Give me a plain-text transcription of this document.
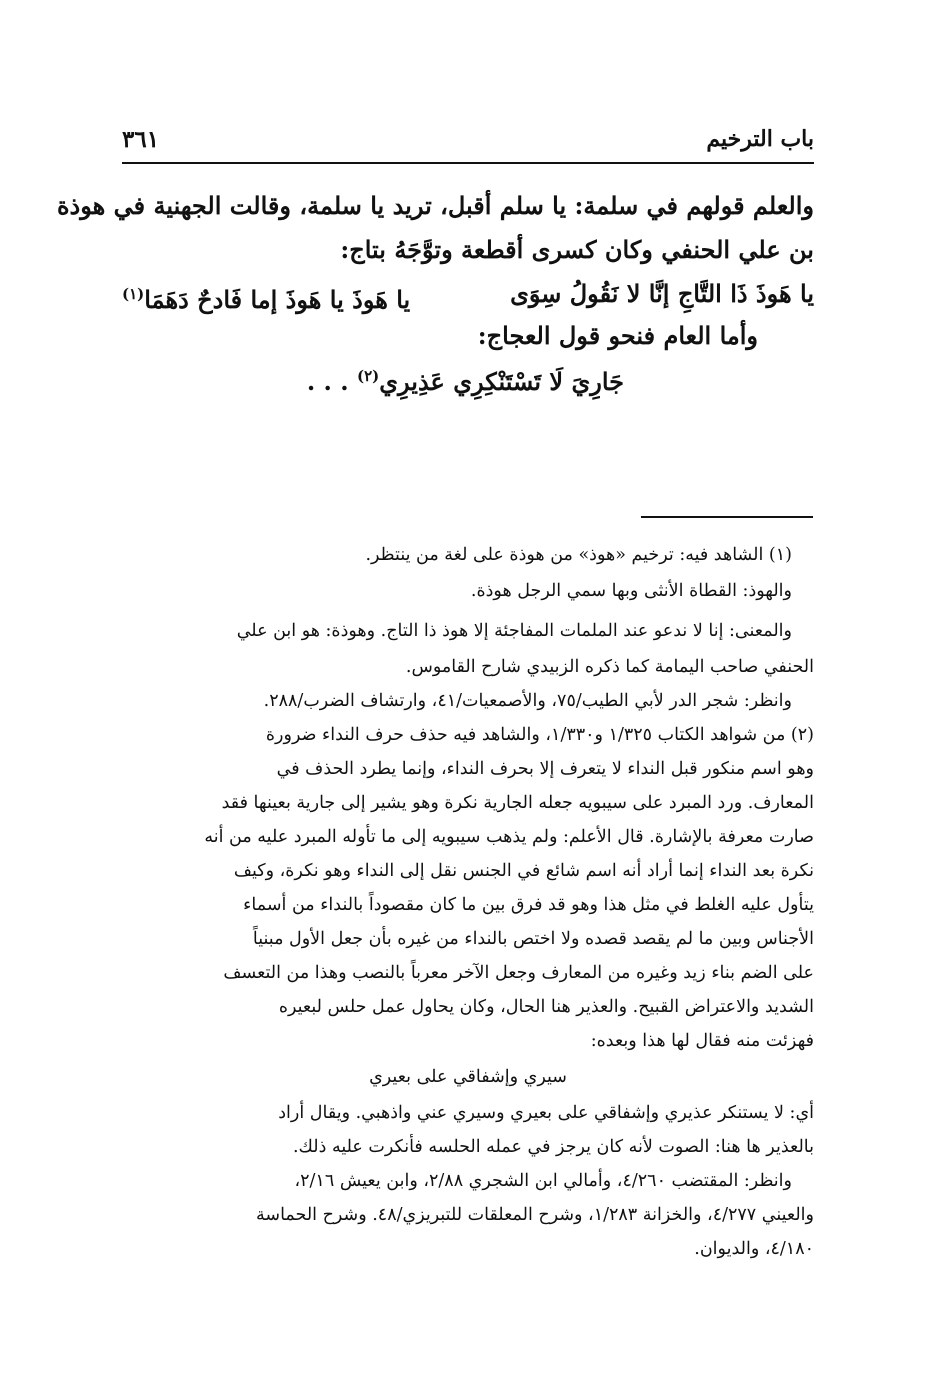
باب الترخيم
٣٦١
والعلم قولهم في سلمة: يا سلم أقبل، تريد يا سلمة، وقالت الجهنية في هوذة
بن علي الحنفي وكان كسرى أقطعة وتوَّجَهُ بتاج:
يا هَوذَ ذَا التَّاجِ إنَّا لا نَقُولُ سِوَى
يا هَوذَ يا هَوذَ إما فَادحٌ دَهَمَا$^{(١)}$
وأما العام فنحو قول العجاج:
جَارِيَ لَا تَسْتَنْكِرِي عَذِيرِي$^{(٢)}$ . . .
(١) الشاهد فيه: ترخيم «هوذ» من هوذة على لغة من ينتظر.
والهوذ: القطاة الأنثى وبها سمي الرجل هوذة.
والمعنى: إنا لا ندعو عند الملمات المفاجئة إلا هوذ ذا التاج. وهوذة: هو ابن علي
الحنفي صاحب اليمامة كما ذكره الزبيدي شارح القاموس.
وانظر: شجر الدر لأبي الطيب/٧٥، والأصمعيات/٤١، وارتشاف الضرب/٢٨٨.
(٢) من شواهد الكتاب ١/٣٢٥ و١/٣٣٠، والشاهد فيه حذف حرف النداء ضرورة
وهو اسم منكور قبل النداء لا يتعرف إلا بحرف النداء، وإنما يطرد الحذف في
المعارف. ورد المبرد على سيبويه جعله الجارية نكرة وهو يشير إلى جارية بعينها فقد
صارت معرفة بالإشارة. قال الأعلم: ولم يذهب سيبويه إلى ما تأوله المبرد عليه من أنه
نكرة بعد النداء إنما أراد أنه اسم شائع في الجنس نقل إلى النداء وهو نكرة، وكيف
يتأول عليه الغلط في مثل هذا وهو قد فرق بين ما كان مقصوداً بالنداء من أسماء
الأجناس وبين ما لم يقصد قصده ولا اختص بالنداء من غيره بأن جعل الأول مبنياً
على الضم بناء زيد وغيره من المعارف وجعل الآخر معرباً بالنصب وهذا من التعسف
الشديد والاعتراض القبيح. والعذير هنا الحال، وكان يحاول عمل حلس لبعيره
فهزئت منه فقال لها هذا وبعده:
سيري وإشفاقي على بعيري
أي: لا يستنكر عذيري وإشفاقي على بعيري وسيري عني واذهبي. ويقال أراد
بالعذير ها هنا: الصوت لأنه كان يرجز في عمله الحلسه فأنكرت عليه ذلك.
وانظر: المقتضب ٤/٢٦٠، وأمالي ابن الشجري ٢/٨٨، وابن يعيش ٢/١٦،
والعيني ٤/٢٧٧، والخزانة ١/٢٨٣، وشرح المعلقات للتبريزي/٤٨. وشرح الحماسة
٤/١٨٠، والديوان.
